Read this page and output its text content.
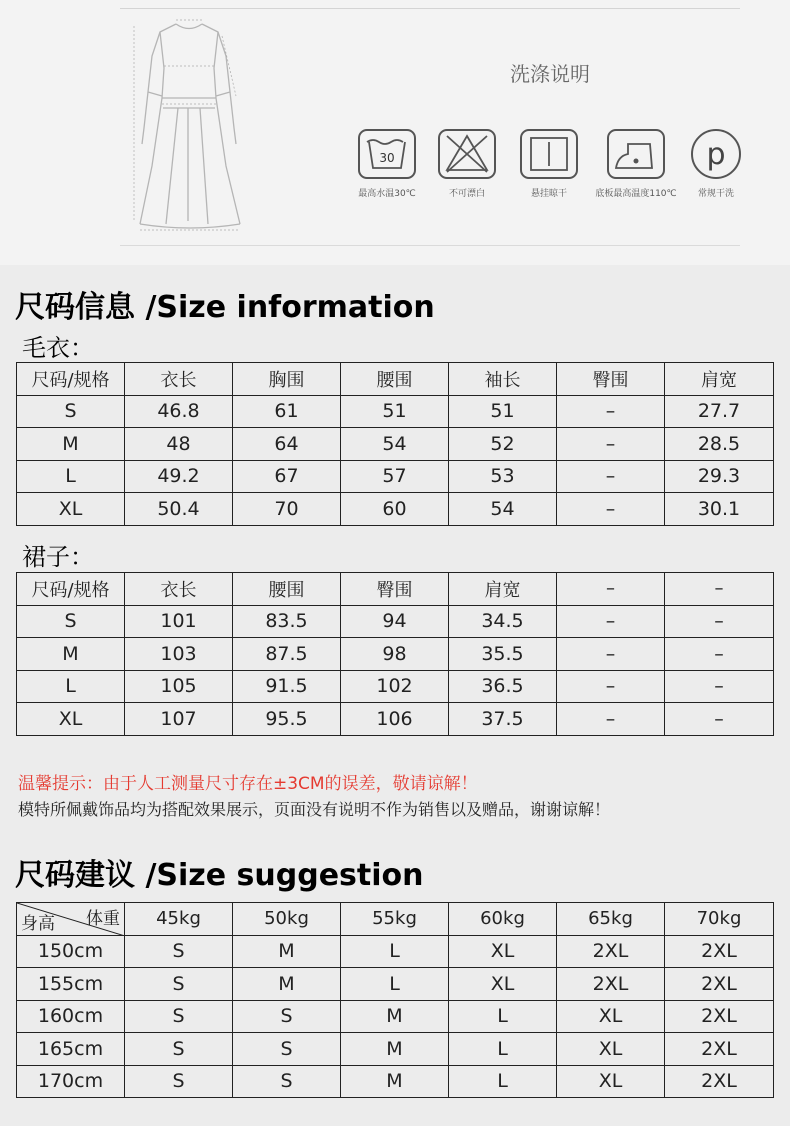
洗涤说明
30
最高水温30℃	不可漂白	悬挂晾干	底板最高温度110℃
p
常规干洗
尺码信息 /Size information
毛衣：
尺码/规格	衣长	胸围	腰围	袖长	臀围	肩宽
S	46.8	61	51	51	–	27.7
M	48	64	54	52	–	28.5
L	49.2	67	57	53	–	29.3
XL	50.4	70	60	54	–	30.1
裙子：
尺码/规格	衣长	腰围	臀围	肩宽	–	–
S	101	83.5	94	34.5	–	–
M	103	87.5	98	35.5	–	–
L	105	91.5	102	36.5	–	–
XL	107	95.5	106	37.5	–	–
温馨提示：由于人工测量尺寸存在±3CM的误差，敬请谅解！
模特所佩戴饰品均为搭配效果展示，页面没有说明不作为销售以及赠品，谢谢谅解！
尺码建议 /Size suggestion
体重
身高	45kg	50kg	55kg	60kg	65kg	70kg
150cm	S	M	L	XL	2XL	2XL
155cm	S	M	L	XL	2XL	2XL
160cm	S	S	M	L	XL	2XL
165cm	S	S	M	L	XL	2XL
170cm	S	S	M	L	XL	2XL
